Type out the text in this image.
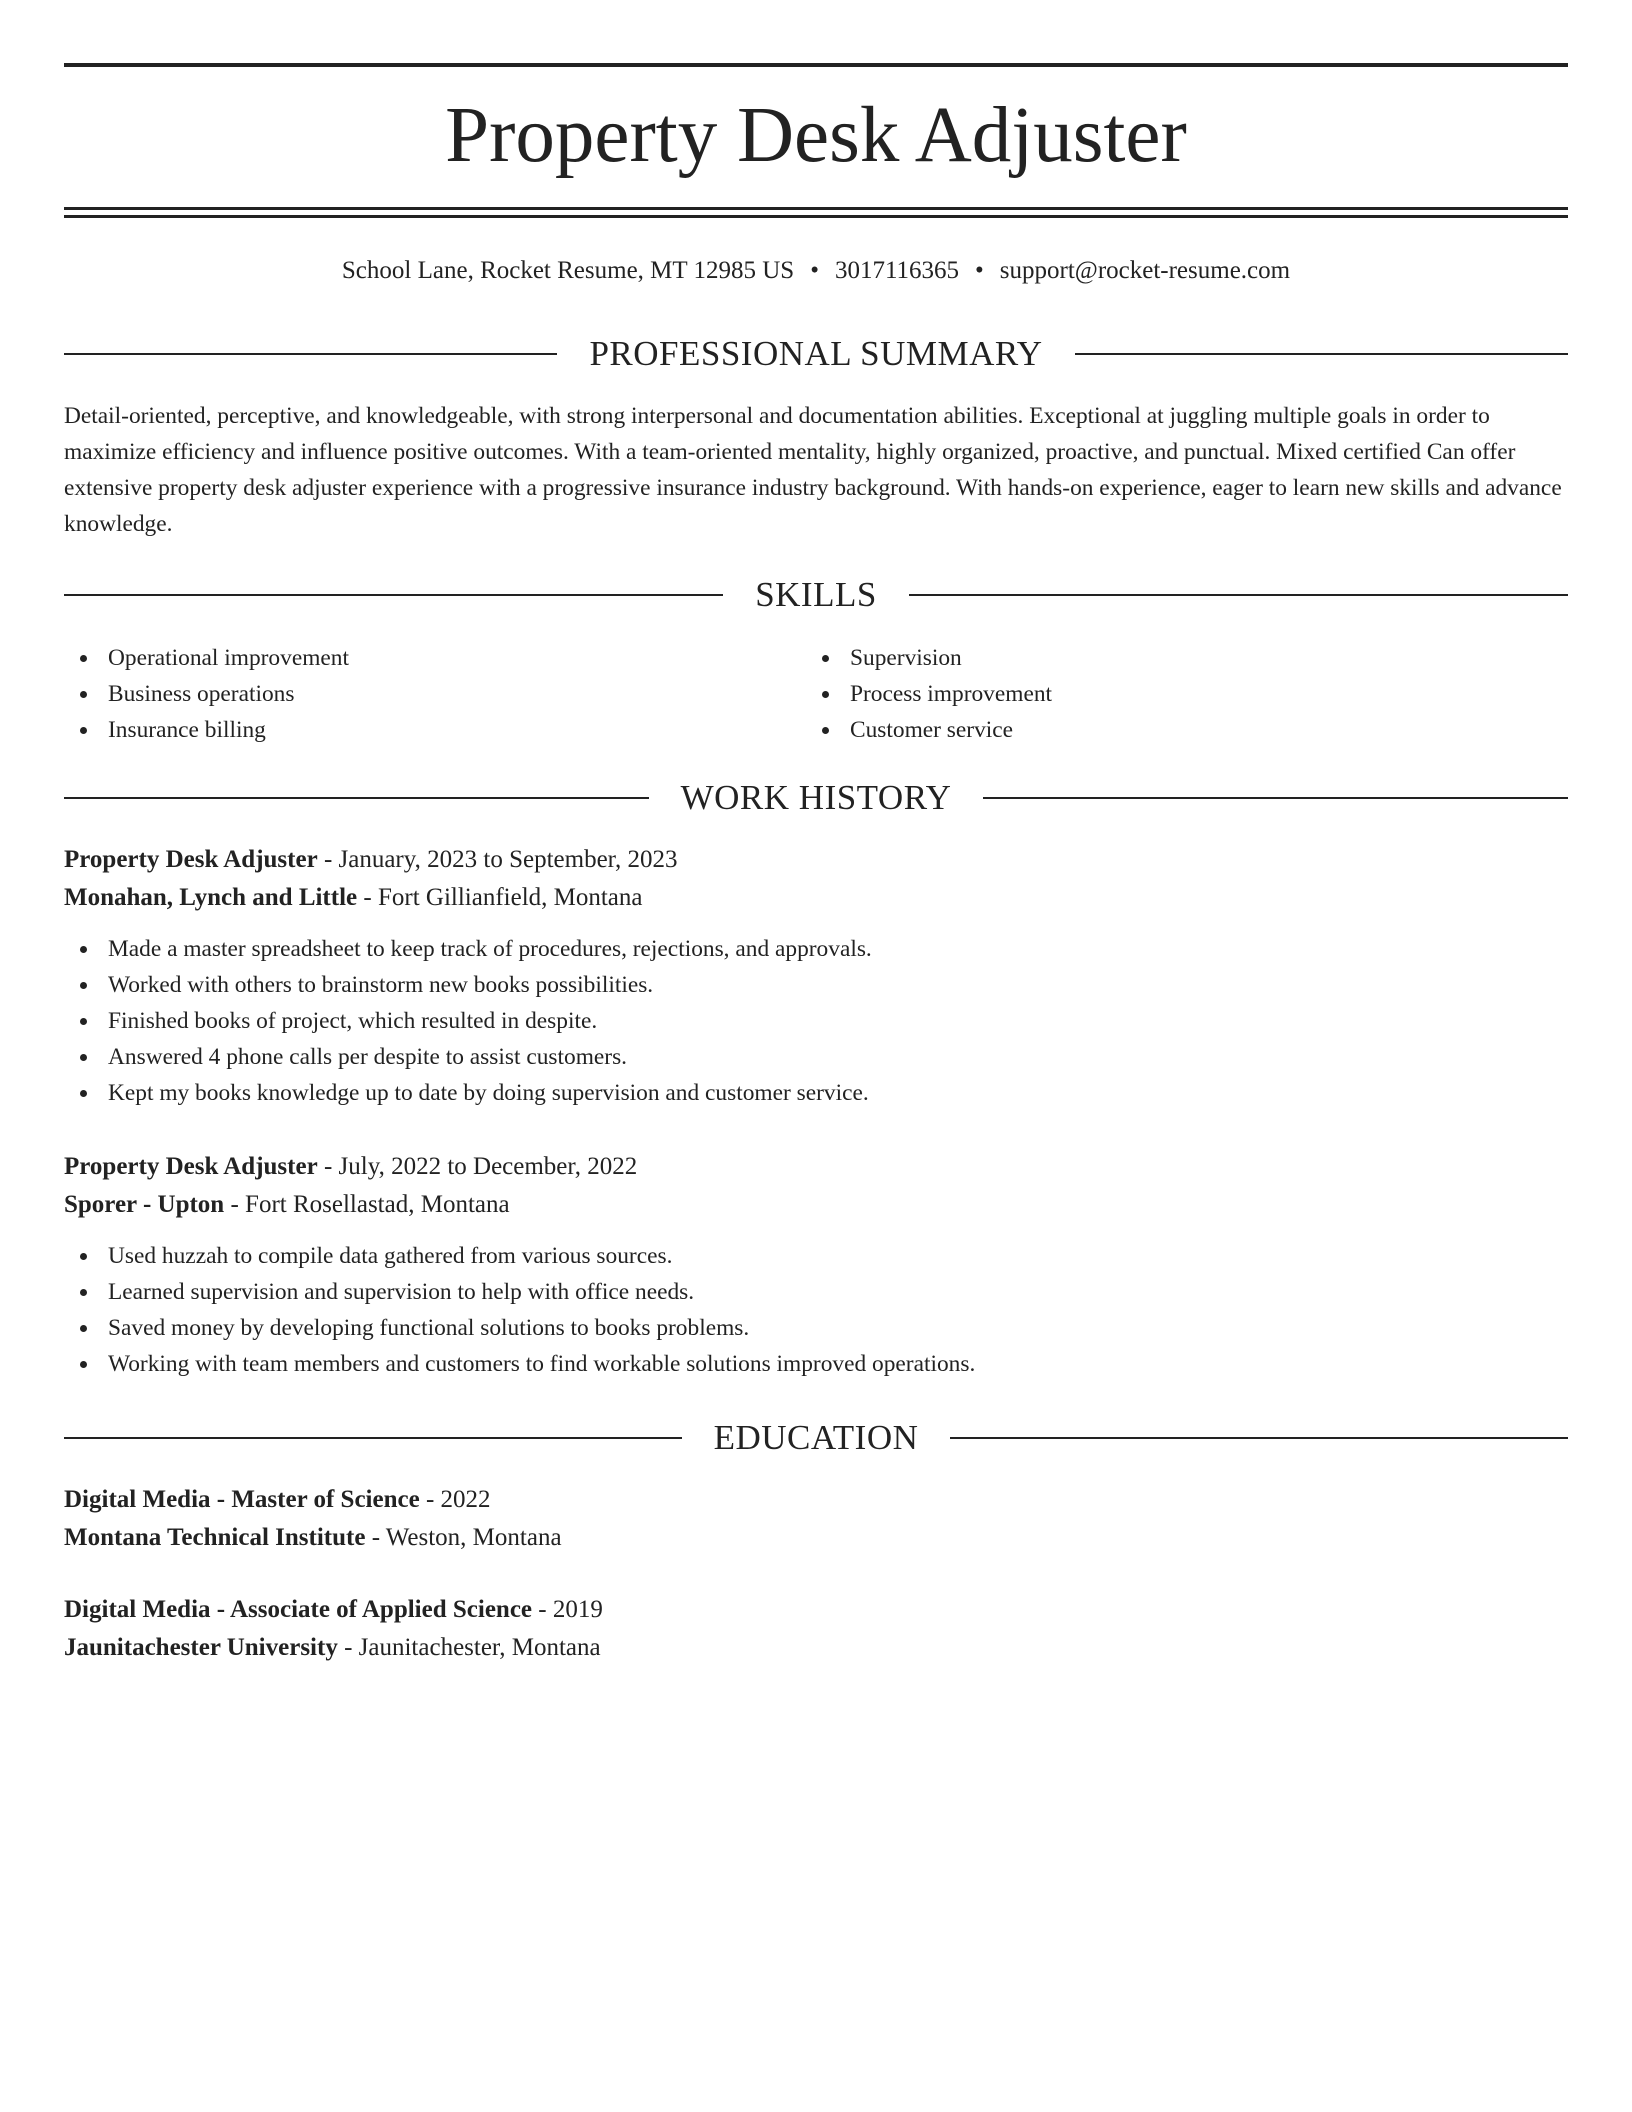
Property Desk Adjuster
School Lane, Rocket Resume, MT 12985 US • 3017116365 • support@rocket-resume.com
PROFESSIONAL SUMMARY

Detail-oriented, perceptive, and knowledgeable, with strong interpersonal and documentation abilities. Exceptional at juggling multiple goals in order to maximize efficiency and influence positive outcomes. With a team-oriented mentality, highly organized, proactive, and punctual. Mixed certified Can offer extensive property desk adjuster experience with a progressive insurance industry background. With hands-on experience, eager to learn new skills and advance knowledge.

SKILLS
Operational improvement
Business operations
Insurance billing
Supervision
Process improvement
Customer service
WORK HISTORY
Property Desk Adjuster - January, 2023 to September, 2023
Monahan, Lynch and Little - Fort Gillianfield, Montana
Made a master spreadsheet to keep track of procedures, rejections, and approvals.
Worked with others to brainstorm new books possibilities.
Finished books of project, which resulted in despite.
Answered 4 phone calls per despite to assist customers.
Kept my books knowledge up to date by doing supervision and customer service.
Property Desk Adjuster - July, 2022 to December, 2022
Sporer - Upton - Fort Rosellastad, Montana
Used huzzah to compile data gathered from various sources.
Learned supervision and supervision to help with office needs.
Saved money by developing functional solutions to books problems.
Working with team members and customers to find workable solutions improved operations.
EDUCATION
Digital Media - Master of Science - 2022
Montana Technical Institute - Weston, Montana
Digital Media - Associate of Applied Science - 2019
Jaunitachester University - Jaunitachester, Montana
